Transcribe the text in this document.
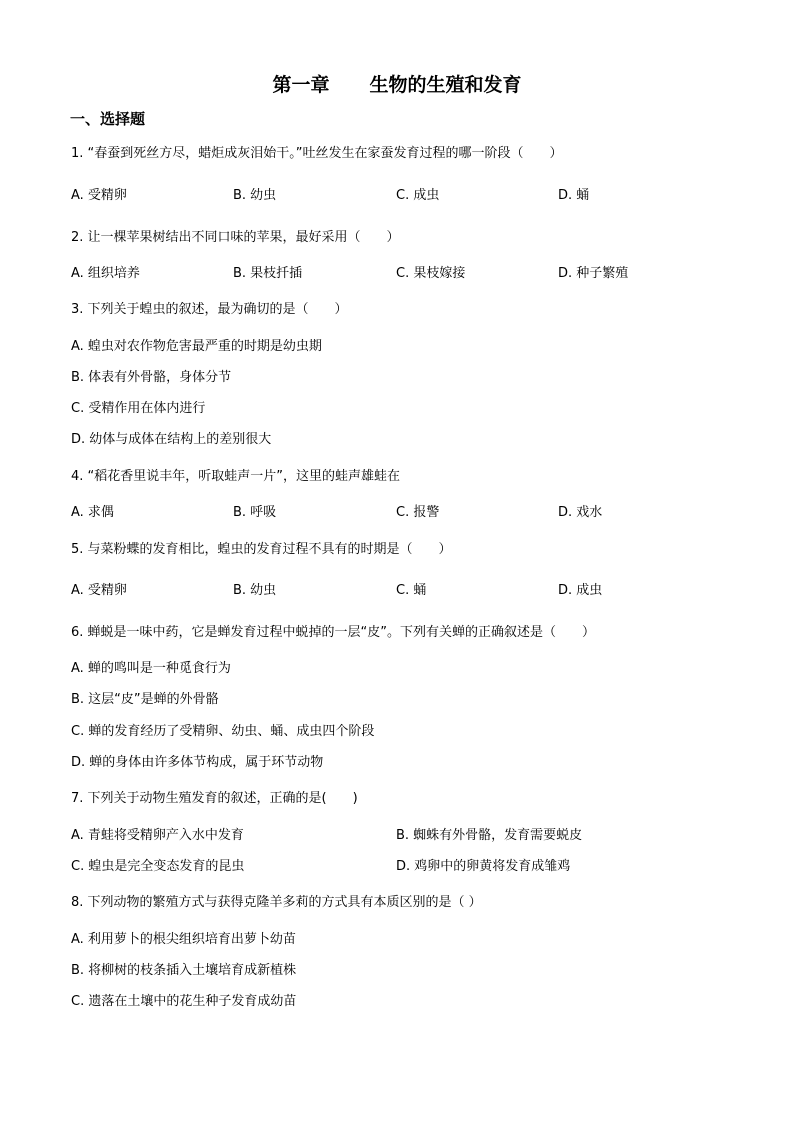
第一章 生物的生殖和发育
一、选择题
1. “春蚕到死丝方尽，蜡炬成灰泪始干。”吐丝发生在家蚕发育过程的哪一阶段（　　）
A. 受精卵	B. 幼虫	C. 成虫	D. 蛹
2. 让一棵苹果树结出不同口味的苹果，最好采用（　　）
A. 组织培养	B. 果枝扦插	C. 果枝嫁接	D. 种子繁殖
3. 下列关于蝗虫的叙述，最为确切的是（　　）
A. 蝗虫对农作物危害最严重的时期是幼虫期
B. 体表有外骨骼，身体分节
C. 受精作用在体内进行
D. 幼体与成体在结构上的差别很大
4. “稻花香里说丰年，听取蛙声一片”，这里的蛙声雄蛙在
A. 求偶	B. 呼吸	C. 报警	D. 戏水
5. 与菜粉蝶的发育相比，蝗虫的发育过程不具有的时期是（　　）
A. 受精卵	B. 幼虫	C. 蛹	D. 成虫
6. 蝉蜕是一味中药，它是蝉发育过程中蜕掉的一层“皮”。下列有关蝉的正确叙述是（　　）
A. 蝉的鸣叫是一种觅食行为
B. 这层“皮”是蝉的外骨骼
C. 蝉的发育经历了受精卵、幼虫、蛹、成虫四个阶段
D. 蝉的身体由许多体节构成，属于环节动物
7. 下列关于动物生殖发育的叙述，正确的是(　　)
A. 青蛙将受精卵产入水中发育	B. 蜘蛛有外骨骼，发育需要蜕皮
C. 蝗虫是完全变态发育的昆虫	D. 鸡卵中的卵黄将发育成雏鸡
8. 下列动物的繁殖方式与获得克隆羊多莉的方式具有本质区别的是（ ）
A. 利用萝卜的根尖组织培育出萝卜幼苗
B. 将柳树的枝条插入土壤培育成新植株
C. 遗落在土壤中的花生种子发育成幼苗
